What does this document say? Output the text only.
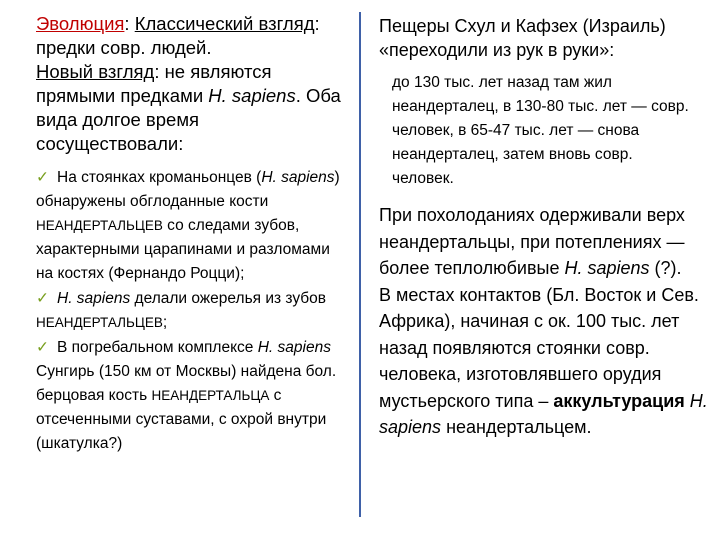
Эволюция: Классический взгляд: предки совр. людей.
Новый взгляд: не являются прямыми предками H. sapiens. Оба вида долгое время сосуществовали:
✓ На стоянках кроманьонцев (H. sapiens) обнаружены обглоданные кости НЕАНДЕРТАЛЬЦЕВ со следами зубов, характерными царапинами и разломами на костях (Фернандо Роцци);
✓ H. sapiens делали ожерелья из зубов НЕАНДЕРТАЛЬЦЕВ;
✓ В погребальном комплексе H. sapiens Сунгирь (150 км от Москвы) найдена бол. берцовая кость НЕАНДЕРТАЛЬЦА с отсеченными суставами, с охрой внутри (шкатулка?)
Пещеры Схул и Кафзех (Израиль) «переходили из рук в руки»:
до 130 тыс. лет назад там жил неандерталец, в 130-80 тыс. лет — совр. человек, в 65-47 тыс. лет — снова неандерталец, затем вновь совр. человек.
При похолоданиях одерживали верх неандертальцы, при потеплениях — более теплолюбивые H. sapiens (?).
В местах контактов (Бл. Восток и Сев. Африка), начиная с ок. 100 тыс. лет назад появляются стоянки совр. человека, изготовлявшего орудия мустьерского типа – аккультурация H. sapiens неандертальцем.
